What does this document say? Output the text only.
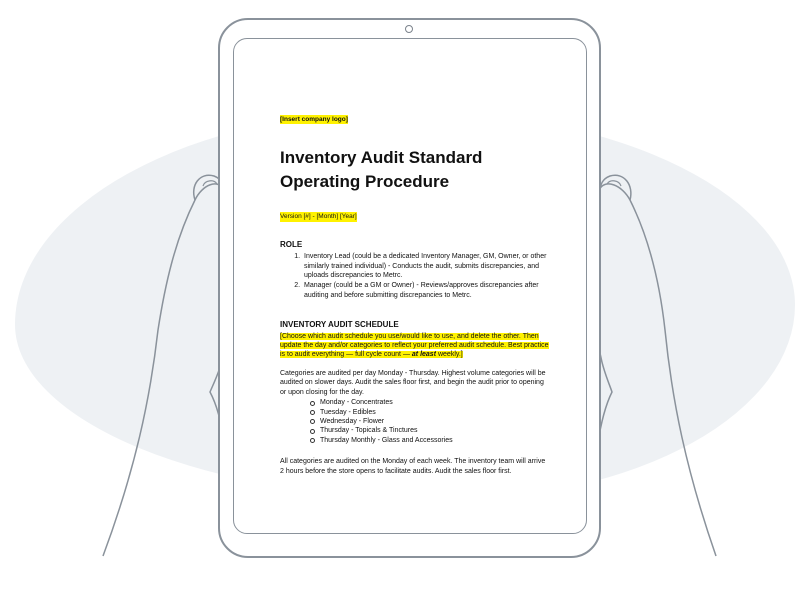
[Insert company logo]
Inventory Audit Standard
Operating Procedure
Version [#] - [Month] [Year]
ROLE
1. Inventory Lead (could be a dedicated Inventory Manager, GM, Owner, or other similarly trained individual) - Conducts the audit, submits discrepancies, and uploads discrepancies to Metrc.
2. Manager (could be a GM or Owner) - Reviews/approves discrepancies after auditing and before submitting discrepancies to Metrc.
INVENTORY AUDIT SCHEDULE
[Choose which audit schedule you use/would like to use, and delete the other. Then update the day and/or categories to reflect your preferred audit schedule. Best practice is to audit everything — full cycle count — at least weekly.]
Categories are audited per day Monday - Thursday. Highest volume categories will be audited on slower days. Audit the sales floor first, and begin the audit prior to opening or upon closing for the day.
Monday - Concentrates
Tuesday - Edibles
Wednesday - Flower
Thursday - Topicals & Tinctures
Thursday Monthly - Glass and Accessories
All categories are audited on the Monday of each week. The inventory team will arrive 2 hours before the store opens to facilitate audits. Audit the sales floor first.
